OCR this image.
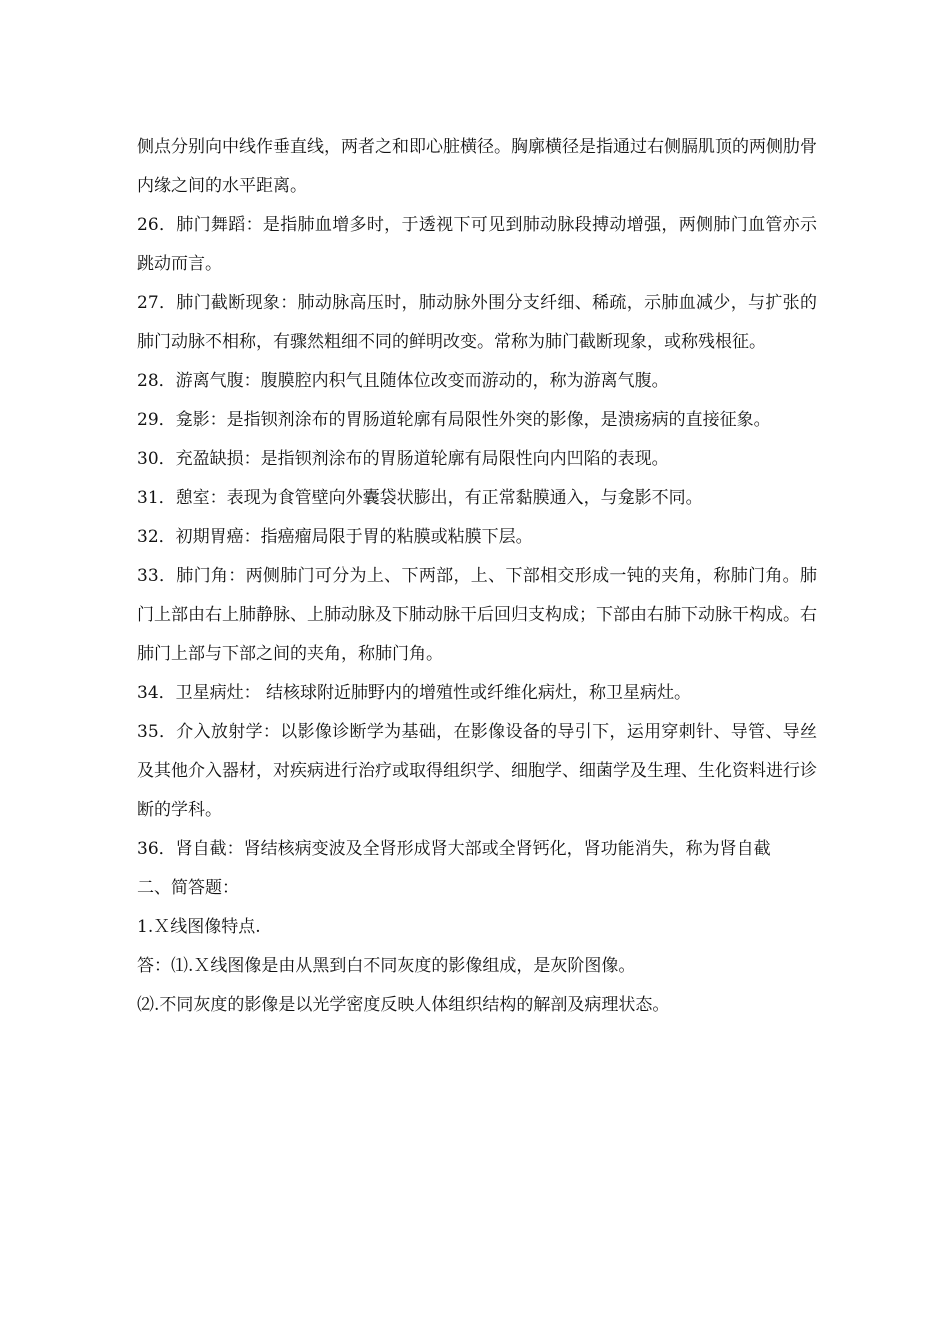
侧点分别向中线作垂直线，两者之和即心脏横径。胸廓横径是指通过右侧膈肌顶的两侧肋骨内缘之间的水平距离。

26．肺门舞蹈：是指肺血增多时，于透视下可见到肺动脉段搏动增强，两侧肺门血管亦示跳动而言。

27．肺门截断现象：肺动脉高压时，肺动脉外围分支纤细、稀疏，示肺血减少，与扩张的肺门动脉不相称，有骤然粗细不同的鲜明改变。常称为肺门截断现象，或称残根征。

28．游离气腹：腹膜腔内积气且随体位改变而游动的，称为游离气腹。

29．龛影：是指钡剂涂布的胃肠道轮廓有局限性外突的影像，是溃疡病的直接征象。

30．充盈缺损：是指钡剂涂布的胃肠道轮廓有局限性向内凹陷的表现。

31．憩室：表现为食管壁向外囊袋状膨出，有正常黏膜通入，与龛影不同。

32．初期胃癌：指癌瘤局限于胃的粘膜或粘膜下层。

33．肺门角：两侧肺门可分为上、下两部，上、下部相交形成一钝的夹角，称肺门角。肺门上部由右上肺静脉、上肺动脉及下肺动脉干后回归支构成；下部由右肺下动脉干构成。右肺门上部与下部之间的夹角，称肺门角。

34．卫星病灶： 结核球附近肺野内的增殖性或纤维化病灶，称卫星病灶。

35．介入放射学：以影像诊断学为基础，在影像设备的导引下，运用穿刺针、导管、导丝及其他介入器材，对疾病进行治疗或取得组织学、细胞学、细菌学及生理、生化资料进行诊断的学科。

36．肾自截：肾结核病变波及全肾形成肾大部或全肾钙化，肾功能消失，称为肾自截

二、简答题：

1.Ｘ线图像特点.

答：⑴.Ｘ线图像是由从黑到白不同灰度的影像组成，是灰阶图像。

⑵.不同灰度的影像是以光学密度反映人体组织结构的解剖及病理状态。
